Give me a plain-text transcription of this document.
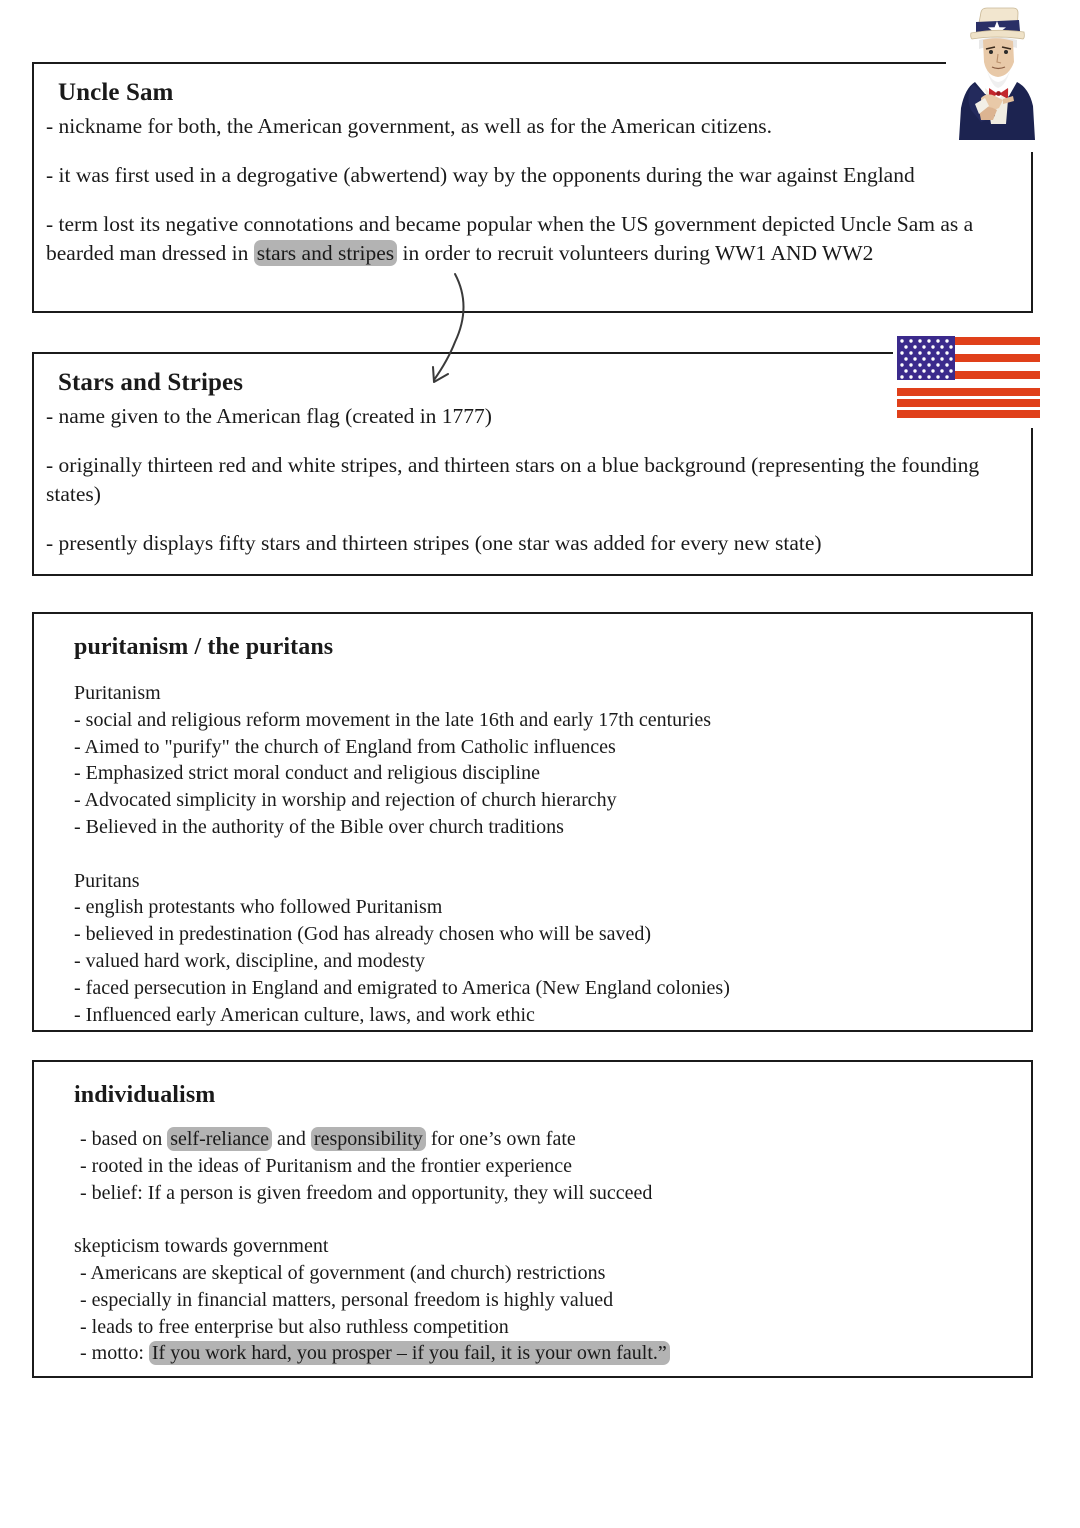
Uncle Sam

- nickname for both, the American government, as well as for the American citizens.

- it was first used in a degrogative (abwertend) way by the opponents during the war against England

- term lost its negative connotations and became popular when the US government depicted Uncle Sam as a bearded man dressed in stars and stripes in order to recruit volunteers during WW1 AND WW2

Stars and Stripes

- name given to the American flag (created in 1777)

- originally thirteen red and white stripes, and thirteen stars on a blue background (representing the founding states)

- presently displays fifty stars and thirteen stripes (one star was added for every new state)

puritanism / the puritans
Puritanism
- social and religious reform movement in the late 16th and early 17th centuries
- Aimed to "purify" the church of England from Catholic influences
- Emphasized strict moral conduct and religious discipline
- Advocated simplicity in worship and rejection of church hierarchy
- Believed in the authority of the Bible over church traditions
Puritans
- english protestants who followed Puritanism
- believed in predestination (God has already chosen who will be saved)
- valued hard work, discipline, and modesty
- faced persecution in England and emigrated to America (New England colonies)
- Influenced early American culture, laws, and work ethic
individualism
- based on self-reliance and responsibility for one’s own fate
- rooted in the ideas of Puritanism and the frontier experience
- belief: If a person is given freedom and opportunity, they will succeed
skepticism towards government
- Americans are skeptical of government (and church) restrictions
- especially in financial matters, personal freedom is highly valued
- leads to free enterprise but also ruthless competition
- motto: If you work hard, you prosper – if you fail, it is your own fault.”
